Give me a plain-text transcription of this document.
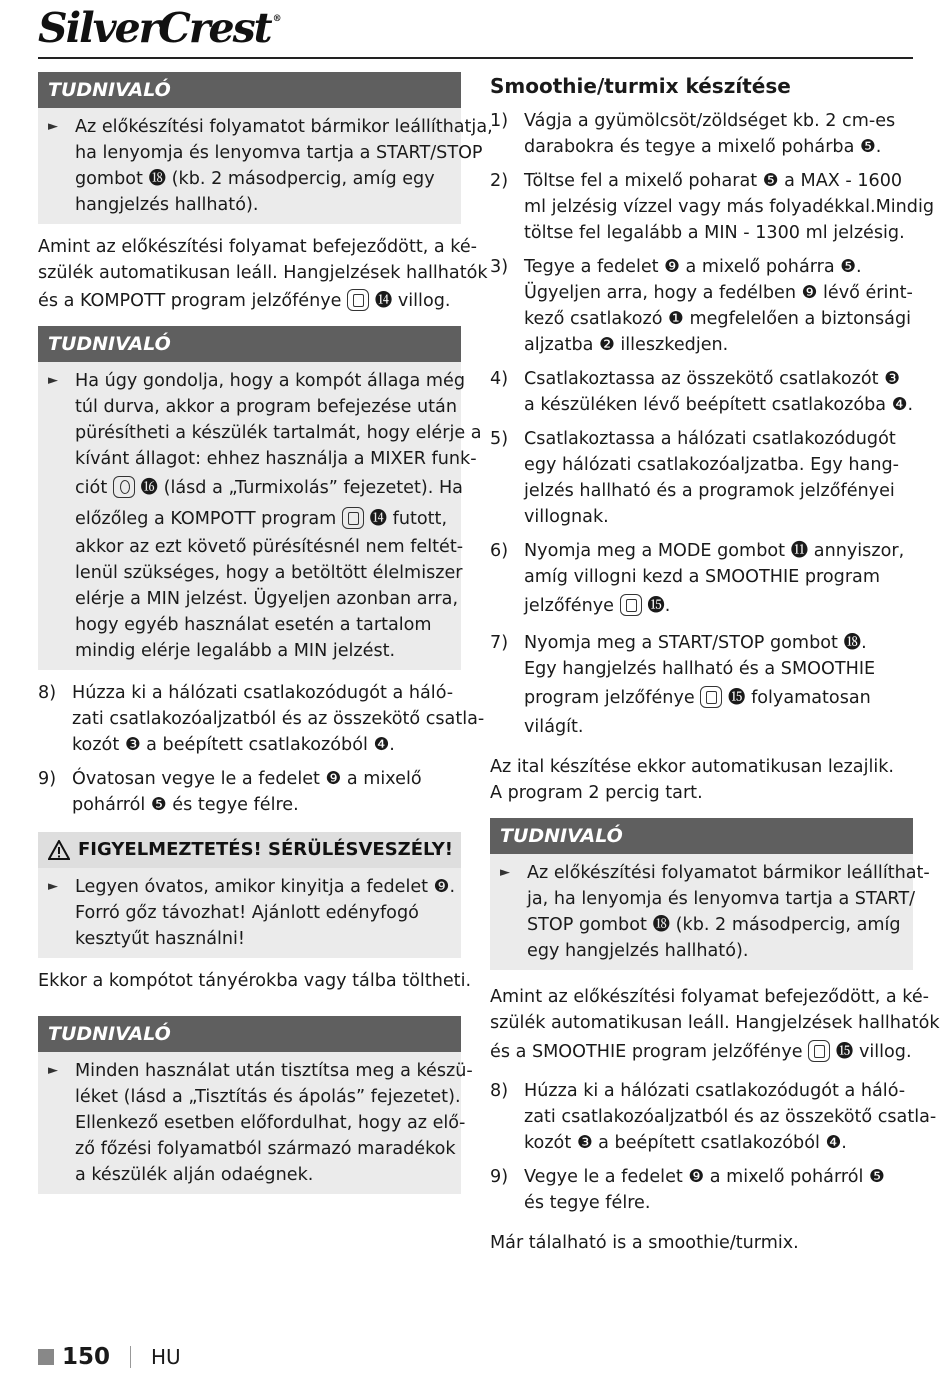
SilverCrest ®
TUDNIVALÓ
► Az előkészítési folyamatot bármikor leállíthatja,
ha lenyomja és lenyomva tartja a START/STOP
gombot ⓲ (kb. 2 másodpercig, amíg egy
hangjelzés hallható).
Amint az előkészítési folyamat befejeződött, a ké-
szülék automatikusan leáll. Hangjelzések hallhatók
és a KOMPOTT program jelzőfénye ⓮ villog.
TUDNIVALÓ
► Ha úgy gondolja, hogy a kompót állaga még
túl durva, akkor a program befejezése után
pürésítheti a készülék tartalmát, hogy elérje a
kívánt állagot: ehhez használja a MIXER funk-
ciót ⓰ (lásd a „Turmixolás” fejezetet). Ha
előzőleg a KOMPOTT program ⓮ futott,
akkor az ezt követő pürésítésnél nem feltét-
lenül szükséges, hogy a betöltött élelmiszer
elérje a MIN jelzést. Ügyeljen azonban arra,
hogy egyéb használat esetén a tartalom
mindig elérje legalább a MIN jelzést.
8) Húzza ki a hálózati csatlakozódugót a háló-
zati csatlakozóaljzatból és az összekötő csatla-
kozót ❸ a beépített csatlakozóból ❹.
9) Óvatosan vegye le a fedelet ❾ a mixelő
pohárról ❺ és tegye félre.
FIGYELMEZTETÉS! SÉRÜLÉSVESZÉLY!
► Legyen óvatos, amikor kinyitja a fedelet ❾.
Forró gőz távozhat! Ajánlott edényfogó
kesztyűt használni!
Ekkor a kompótot tányérokba vagy tálba töltheti.
TUDNIVALÓ
► Minden használat után tisztítsa meg a készü-
léket (lásd a „Tisztítás és ápolás” fejezetet).
Ellenkező esetben előfordulhat, hogy az elő-
ző főzési folyamatból származó maradékok
a készülék alján odaégnek.
Smoothie/turmix készítése
1) Vágja a gyümölcsöt/zöldséget kb. 2 cm-es
darabokra és tegye a mixelő pohárba ❺.
2) Töltse fel a mixelő poharat ❺ a MAX - 1600
ml jelzésig vízzel vagy más folyadékkal.Mindig
töltse fel legalább a MIN - 1300 ml jelzésig.
3) Tegye a fedelet ❾ a mixelő pohárra ❺.
Ügyeljen arra, hogy a fedélben ❾ lévő érint-
kező csatlakozó ❶ megfelelően a biztonsági
aljzatba ❷ illeszkedjen.
4) Csatlakoztassa az összekötő csatlakozót ❸
a készüléken lévő beépített csatlakozóba ❹.
5) Csatlakoztassa a hálózati csatlakozódugót
egy hálózati csatlakozóaljzatba. Egy hang-
jelzés hallható és a programok jelzőfényei
villognak.
6) Nyomja meg a MODE gombot ⓫ annyiszor,
amíg villogni kezd a SMOOTHIE program
jelzőfénye ⓯.
7) Nyomja meg a START/STOP gombot ⓲.
Egy hangjelzés hallható és a SMOOTHIE
program jelzőfénye ⓯ folyamatosan
világít.
Az ital készítése ekkor automatikusan lezajlik.
A program 2 percig tart.
TUDNIVALÓ
► Az előkészítési folyamatot bármikor leállíthat-
ja, ha lenyomja és lenyomva tartja a START/
STOP gombot ⓲ (kb. 2 másodpercig, amíg
egy hangjelzés hallható).
Amint az előkészítési folyamat befejeződött, a ké-
szülék automatikusan leáll. Hangjelzések hallhatók
és a SMOOTHIE program jelzőfénye ⓯ villog.
8) Húzza ki a hálózati csatlakozódugót a háló-
zati csatlakozóaljzatból és az összekötő csatla-
kozót ❸ a beépített csatlakozóból ❹.
9) Vegye le a fedelet ❾ a mixelő pohárról ❺
és tegye félre.
Már tálalható is a smoothie/turmix.
150 HU
